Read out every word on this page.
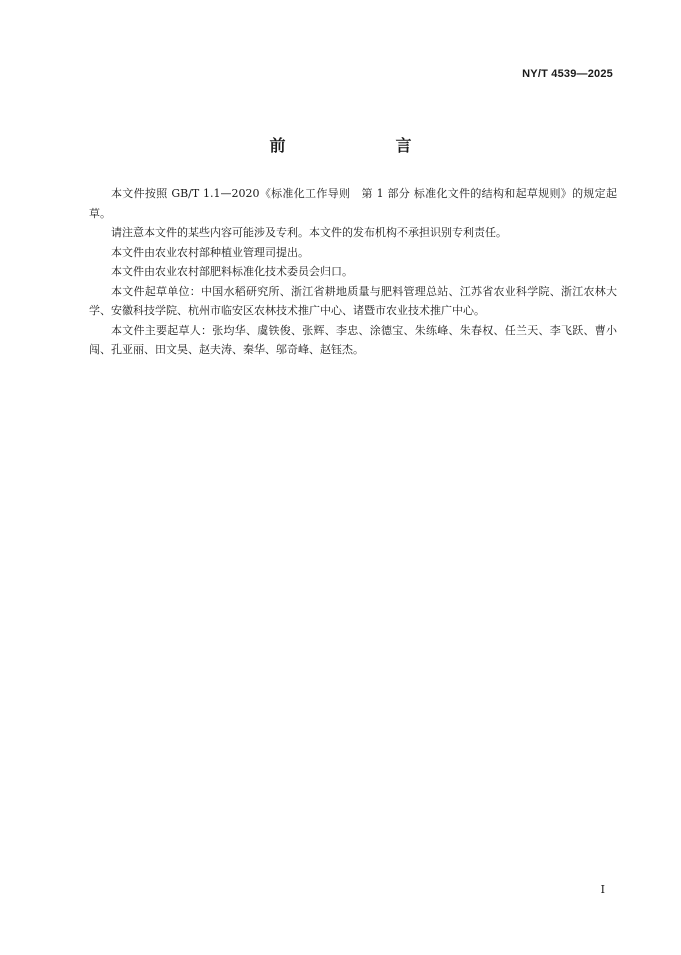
NY/T 4539—2025
前　　言

本文件按照 GB/T 1.1—2020《标准化工作导则　第 1 部分 标准化文件的结构和起草规则》的规定起草。

请注意本文件的某些内容可能涉及专利。本文件的发布机构不承担识别专利责任。

本文件由农业农村部种植业管理司提出。

本文件由农业农村部肥料标准化技术委员会归口。

本文件起草单位：中国水稻研究所、浙江省耕地质量与肥料管理总站、江苏省农业科学院、浙江农林大学、安徽科技学院、杭州市临安区农林技术推广中心、诸暨市农业技术推广中心。

本文件主要起草人：张均华、虞铁俊、张辉、李忠、涂德宝、朱练峰、朱春权、任兰天、李飞跃、曹小闯、孔亚丽、田文昊、赵夫涛、秦华、邬奇峰、赵钰杰。

I
